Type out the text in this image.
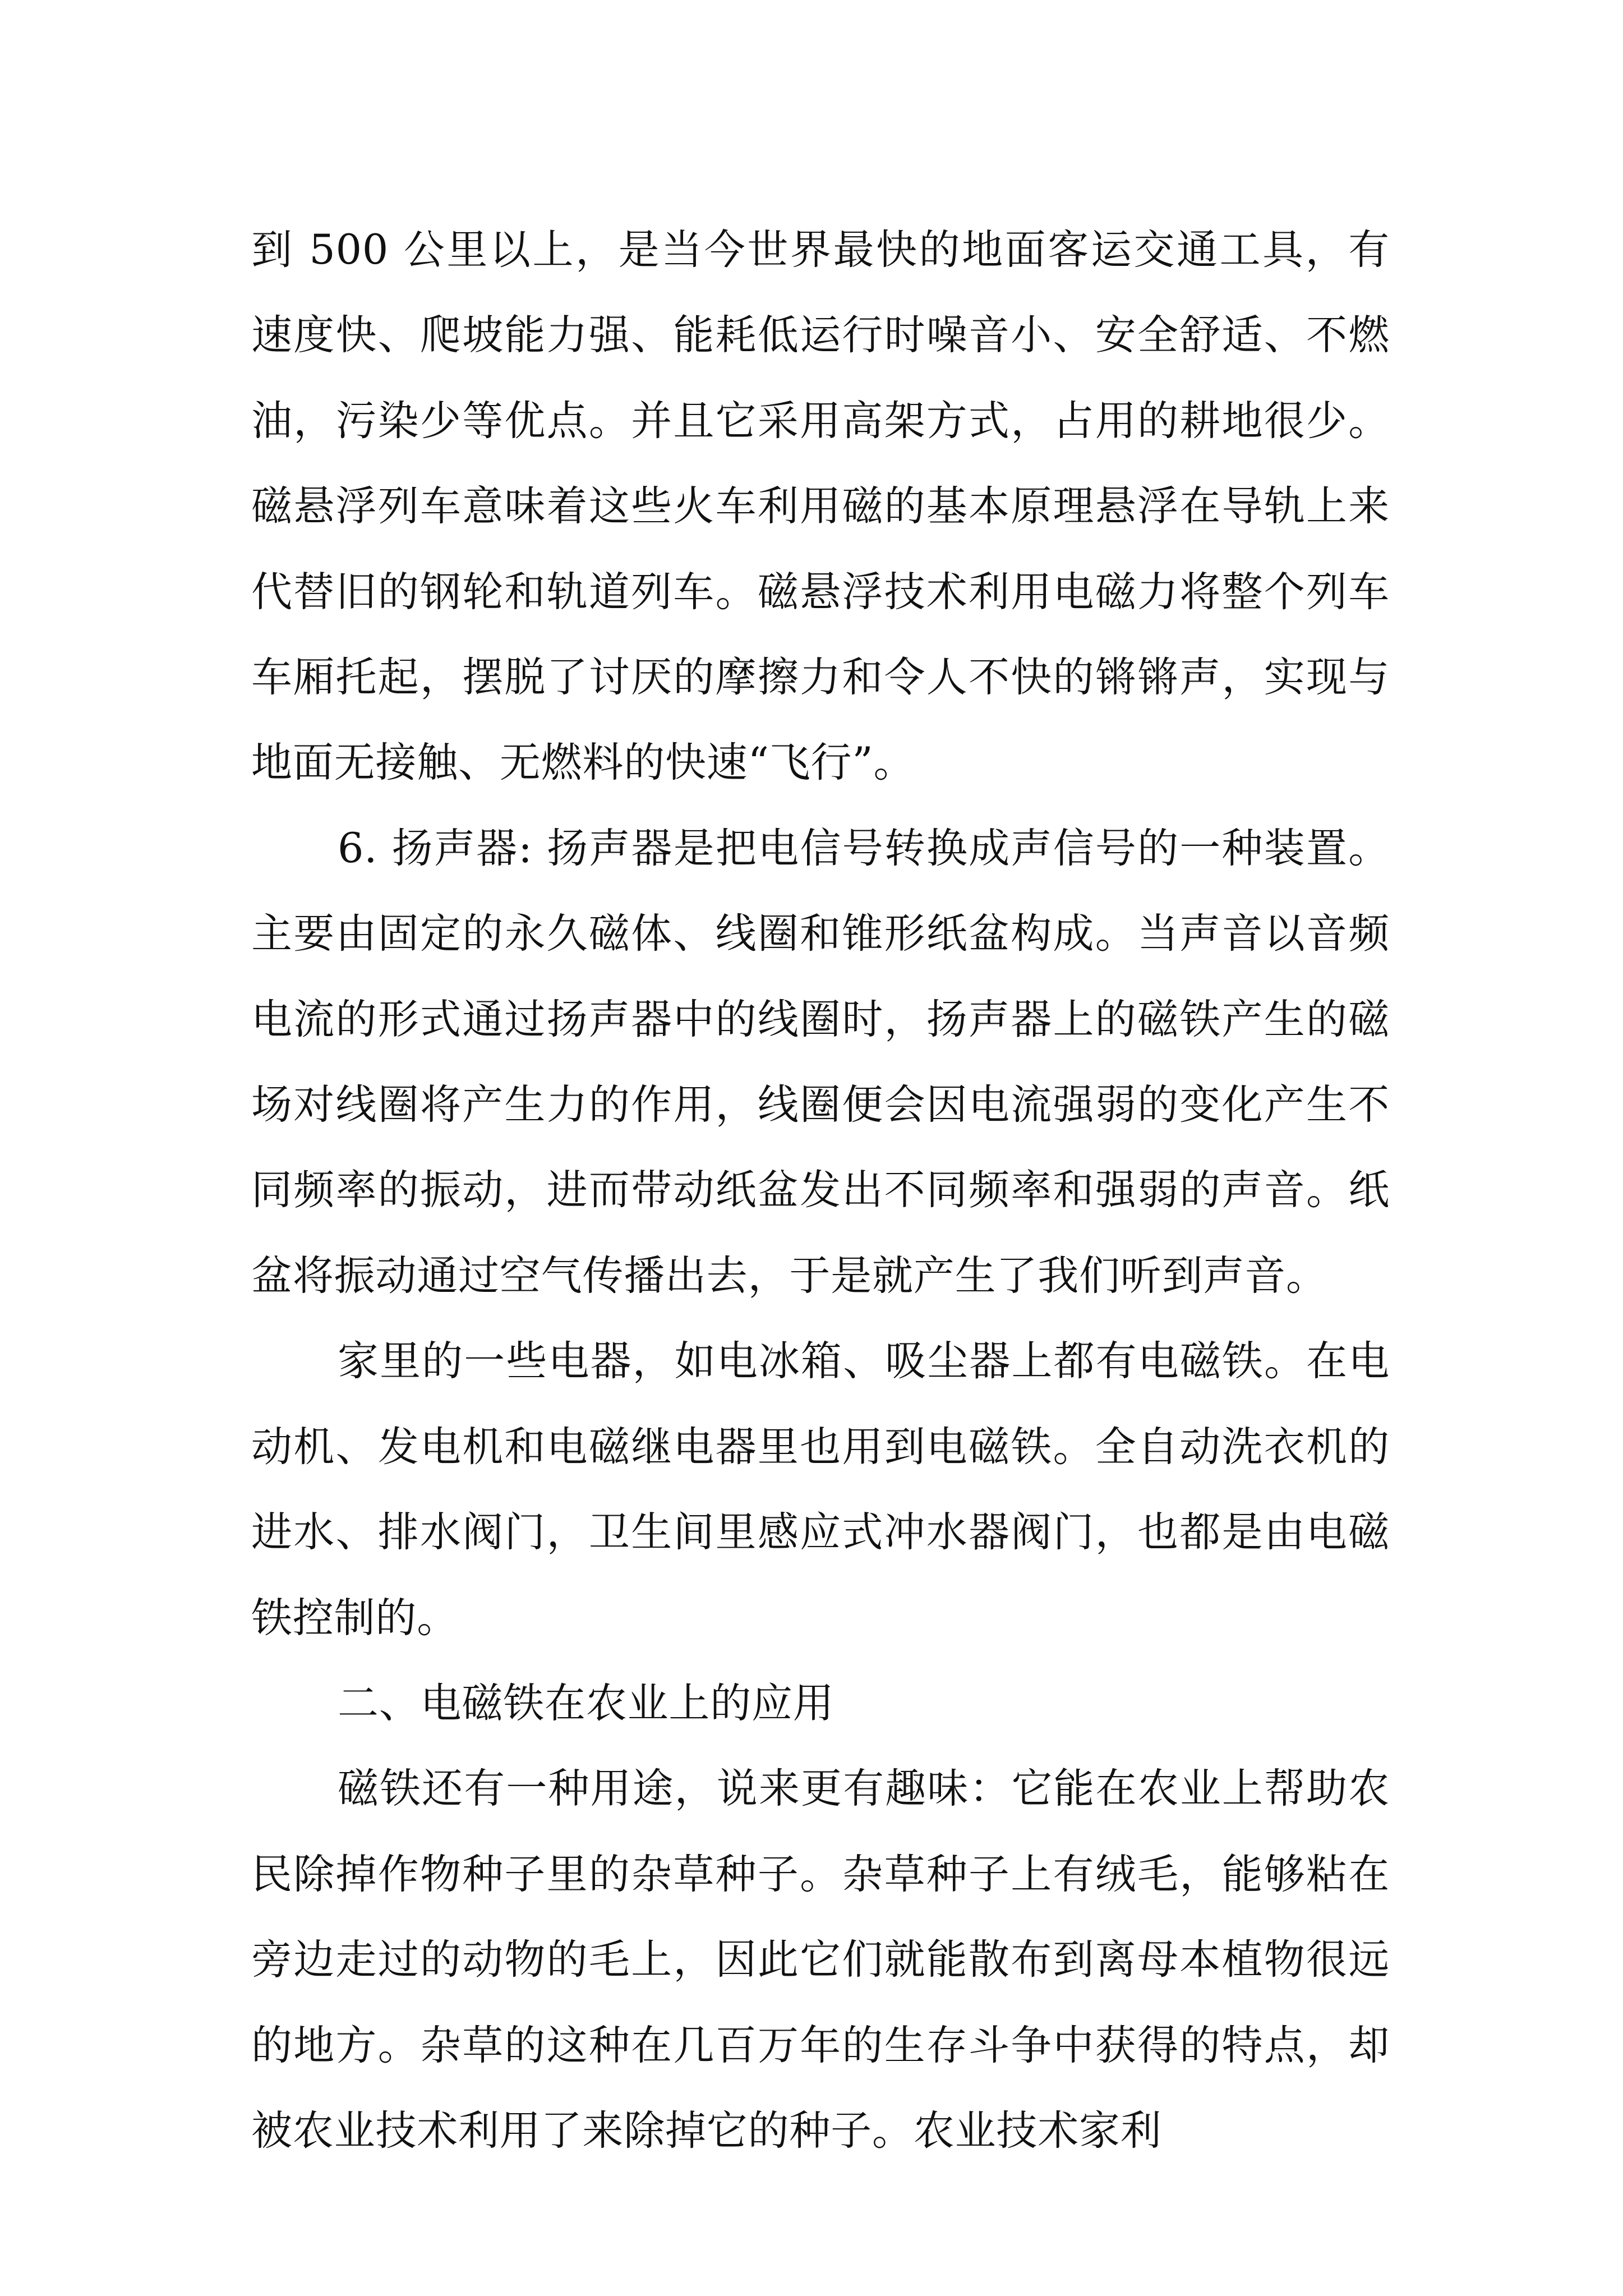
到 500 公里以上，是当今世界最快的地面客运交通工具，有速度快、爬坡能力强、能耗低运行时噪音小、安全舒适、不燃油，污染少等优点。并且它采用高架方式，占用的耕地很少。磁悬浮列车意味着这些火车利用磁的基本原理悬浮在导轨上来代替旧的钢轮和轨道列车。磁悬浮技术利用电磁力将整个列车车厢托起，摆脱了讨厌的摩擦力和令人不快的锵锵声，实现与地面无接触、无燃料的快速“飞行”。

6. 扬声器: 扬声器是把电信号转换成声信号的一种装置。主要由固定的永久磁体、线圈和锥形纸盆构成。当声音以音频电流的形式通过扬声器中的线圈时，扬声器上的磁铁产生的磁场对线圈将产生力的作用，线圈便会因电流强弱的变化产生不同频率的振动，进而带动纸盆发出不同频率和强弱的声音。纸盆将振动通过空气传播出去，于是就产生了我们听到声音。

家里的一些电器，如电冰箱、吸尘器上都有电磁铁。在电动机、发电机和电磁继电器里也用到电磁铁。全自动洗衣机的进水、排水阀门，卫生间里感应式冲水器阀门，也都是由电磁铁控制的。

二、电磁铁在农业上的应用

磁铁还有一种用途，说来更有趣味：它能在农业上帮助农民除掉作物种子里的杂草种子。杂草种子上有绒毛，能够粘在旁边走过的动物的毛上，因此它们就能散布到离母本植物很远的地方。杂草的这种在几百万年的生存斗争中获得的特点，却被农业技术利用了来除掉它的种子。农业技术家利
